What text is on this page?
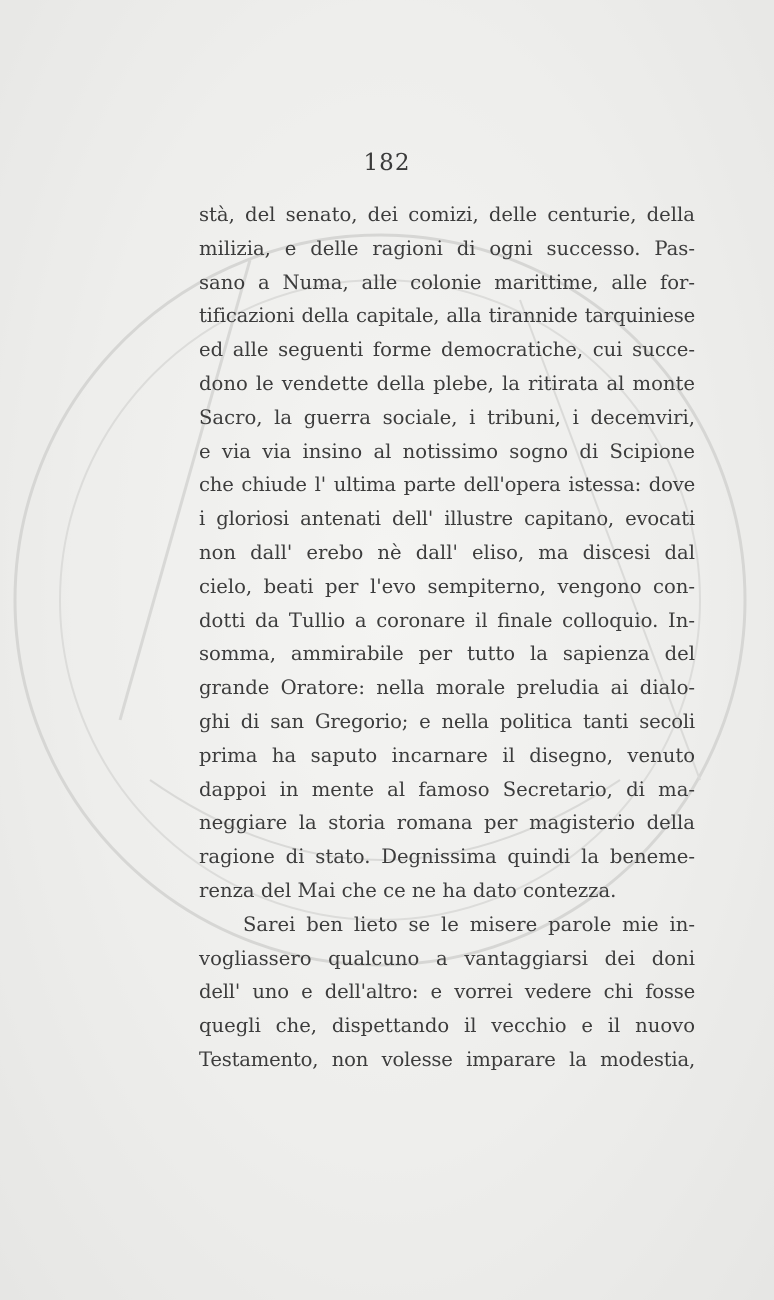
182
stà, del senato, dei comizi, delle centurie, della
milizia, e delle ragioni di ogni successo. Pas-
sano a Numa, alle colonie marittime, alle for-
tificazioni della capitale, alla tirannide tarquiniese
ed alle seguenti forme democratiche, cui succe-
dono le vendette della plebe, la ritirata al monte
Sacro, la guerra sociale, i tribuni, i decemviri,
e via via insino al notissimo sogno di Scipione
che chiude l' ultima parte dell'opera istessa: dove
i gloriosi antenati dell' illustre capitano, evocati
non dall' erebo nè dall' eliso, ma discesi dal
cielo, beati per l'evo sempiterno, vengono con-
dotti da Tullio a coronare il finale colloquio. In-
somma, ammirabile per tutto la sapienza del
grande Oratore: nella morale preludia ai dialo-
ghi di san Gregorio; e nella politica tanti secoli
prima ha saputo incarnare il disegno, venuto
dappoi in mente al famoso Secretario, di ma-
neggiare la storia romana per magisterio della
ragione di stato. Degnissima quindi la beneme-
renza del Mai che ce ne ha dato contezza.
Sarei ben lieto se le misere parole mie in-
vogliassero qualcuno a vantaggiarsi dei doni
dell' uno e dell'altro: e vorrei vedere chi fosse
quegli che, dispettando il vecchio e il nuovo
Testamento, non volesse imparare la modestia,
